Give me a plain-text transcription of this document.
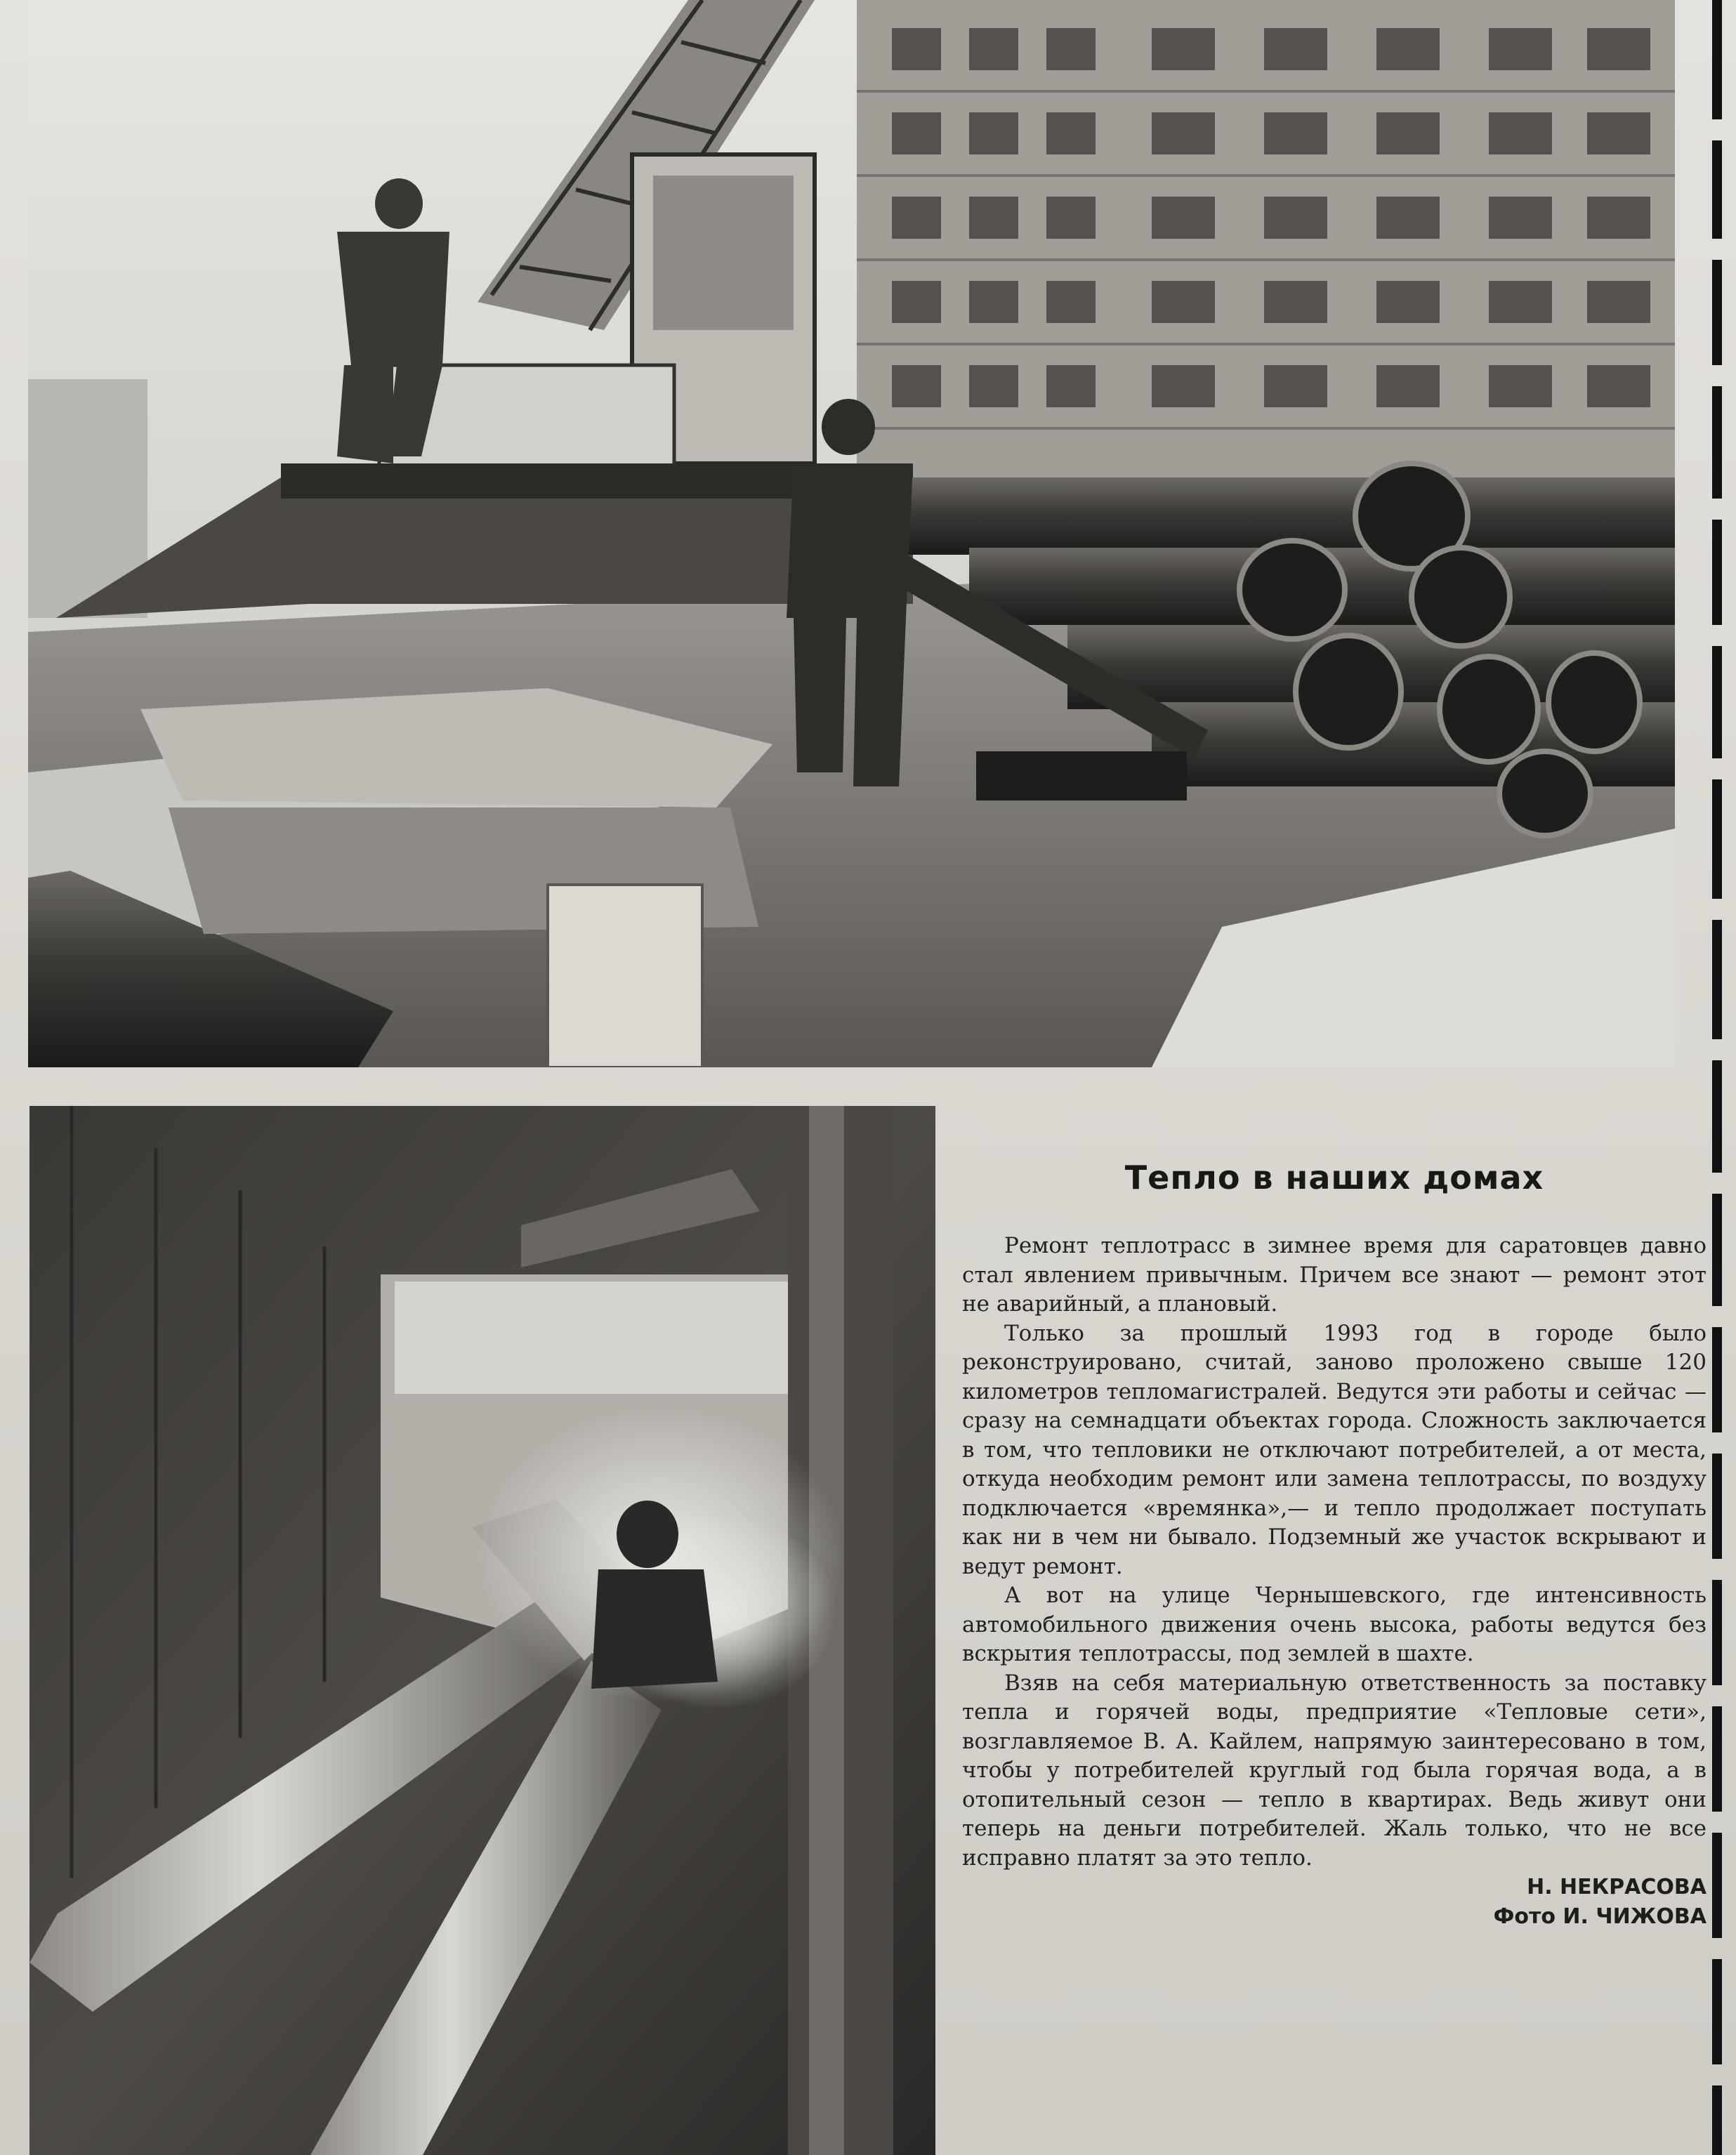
Тепло в наших домах

Ремонт теплотрасс в зимнее время для саратовцев давно стал явлением привычным. Причем все знают — ремонт этот не аварийный, а плановый.

Только за прошлый 1993 год в городе было реконструировано, считай, заново проложено свыше 120 километров тепломагистралей. Ведутся эти работы и сейчас — сразу на семнадцати объектах города. Сложность заключается в том, что тепловики не отключают потребителей, а от места, откуда необходим ремонт или замена теплотрассы, по воздуху подключается «времянка»,— и тепло продолжает поступать как ни в чем ни бывало. Подземный же участок вскрывают и ведут ремонт.

А вот на улице Чернышевского, где интенсивность автомобильного движения очень высока, работы ведутся без вскрытия теплотрассы, под землей в шахте.

Взяв на себя материальную ответственность за поставку тепла и горячей воды, предприятие «Тепловые сети», возглавляемое В. А. Кайлем, напрямую заинтересовано в том, чтобы у потребителей круглый год была горячая вода, а в отопительный сезон — тепло в квартирах. Ведь живут они теперь на деньги потребителей. Жаль только, что не все исправно платят за это тепло.

Н. НЕКРАСОВА

Фото И. ЧИЖОВА
